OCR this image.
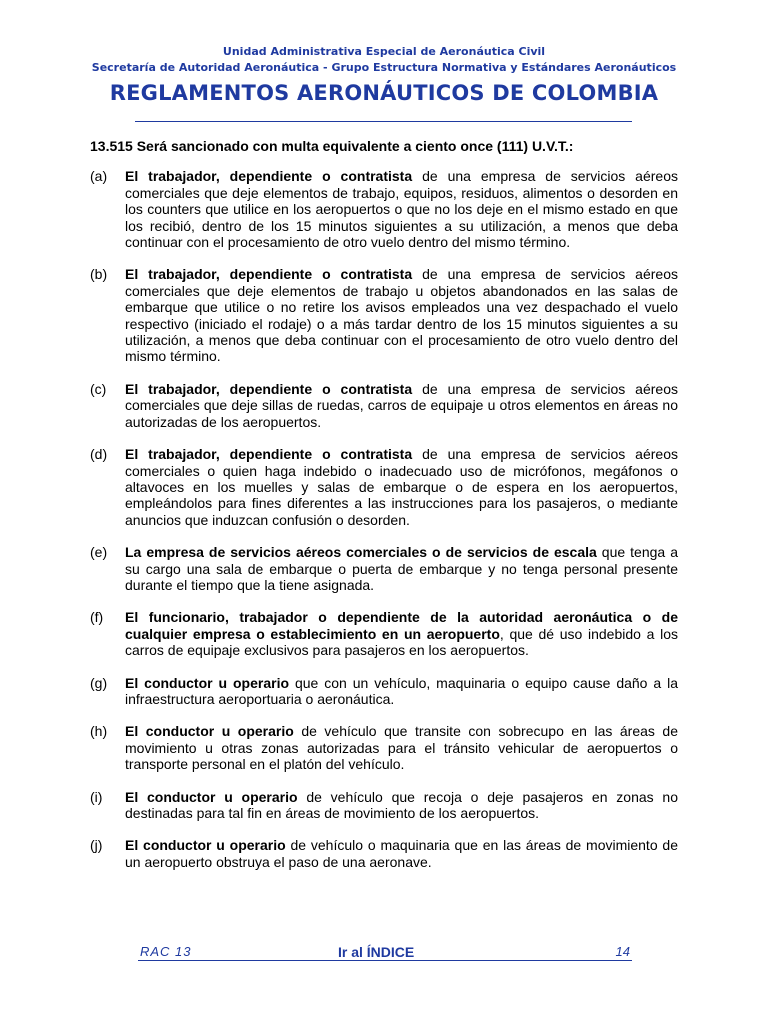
Unidad Administrativa Especial de Aeronáutica Civil
Secretaría de Autoridad Aeronáutica - Grupo Estructura Normativa y Estándares Aeronáuticos
REGLAMENTOS AERONÁUTICOS DE COLOMBIA
13.515 Será sancionado con multa equivalente a ciento once (111) U.V.T.:
(a) El trabajador, dependiente o contratista de una empresa de servicios aéreos comerciales que deje elementos de trabajo, equipos, residuos, alimentos o desorden en los counters que utilice en los aeropuertos o que no los deje en el mismo estado en que los recibió, dentro de los 15 minutos siguientes a su utilización, a menos que deba continuar con el procesamiento de otro vuelo dentro del mismo término.
(b) El trabajador, dependiente o contratista de una empresa de servicios aéreos comerciales que deje elementos de trabajo u objetos abandonados en las salas de embarque que utilice o no retire los avisos empleados una vez despachado el vuelo respectivo (iniciado el rodaje) o a más tardar dentro de los 15 minutos siguientes a su utilización, a menos que deba continuar con el procesamiento de otro vuelo dentro del mismo término.
(c) El trabajador, dependiente o contratista de una empresa de servicios aéreos comerciales que deje sillas de ruedas, carros de equipaje u otros elementos en áreas no autorizadas de los aeropuertos.
(d) El trabajador, dependiente o contratista de una empresa de servicios aéreos comerciales o quien haga indebido o inadecuado uso de micrófonos, megáfonos o altavoces en los muelles y salas de embarque o de espera en los aeropuertos, empleándolos para fines diferentes a las instrucciones para los pasajeros, o mediante anuncios que induzcan confusión o desorden.
(e) La empresa de servicios aéreos comerciales o de servicios de escala que tenga a su cargo una sala de embarque o puerta de embarque y no tenga personal presente durante el tiempo que la tiene asignada.
(f) El funcionario, trabajador o dependiente de la autoridad aeronáutica o de cualquier empresa o establecimiento en un aeropuerto, que dé uso indebido a los carros de equipaje exclusivos para pasajeros en los aeropuertos.
(g) El conductor u operario que con un vehículo, maquinaria o equipo cause daño a la infraestructura aeroportuaria o aeronáutica.
(h) El conductor u operario de vehículo que transite con sobrecupo en las áreas de movimiento u otras zonas autorizadas para el tránsito vehicular de aeropuertos o transporte personal en el platón del vehículo.
(i) El conductor u operario de vehículo que recoja o deje pasajeros en zonas no destinadas para tal fin en áreas de movimiento de los aeropuertos.
(j) El conductor u operario de vehículo o maquinaria que en las áreas de movimiento de un aeropuerto obstruya el paso de una aeronave.
RAC 13	Ir al ÍNDICE	14
